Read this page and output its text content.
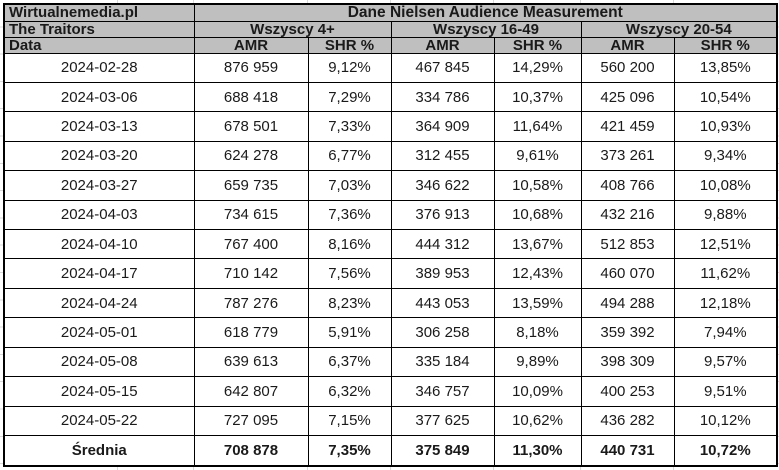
Wirtualnemedia.pl	Dane Nielsen Audience Measurement					
The Traitors	Wszyscy 4+		Wszyscy 16-49		Wszyscy 20-54	
Data	AMR	SHR %	AMR	SHR %	AMR	SHR %
2024-02-28	876 959	9,12%	467 845	14,29%	560 200	13,85%
2024-03-06	688 418	7,29%	334 786	10,37%	425 096	10,54%
2024-03-13	678 501	7,33%	364 909	11,64%	421 459	10,93%
2024-03-20	624 278	6,77%	312 455	9,61%	373 261	9,34%
2024-03-27	659 735	7,03%	346 622	10,58%	408 766	10,08%
2024-04-03	734 615	7,36%	376 913	10,68%	432 216	9,88%
2024-04-10	767 400	8,16%	444 312	13,67%	512 853	12,51%
2024-04-17	710 142	7,56%	389 953	12,43%	460 070	11,62%
2024-04-24	787 276	8,23%	443 053	13,59%	494 288	12,18%
2024-05-01	618 779	5,91%	306 258	8,18%	359 392	7,94%
2024-05-08	639 613	6,37%	335 184	9,89%	398 309	9,57%
2024-05-15	642 807	6,32%	346 757	10,09%	400 253	9,51%
2024-05-22	727 095	7,15%	377 625	10,62%	436 282	10,12%
Średnia	708 878	7,35%	375 849	11,30%	440 731	10,72%
